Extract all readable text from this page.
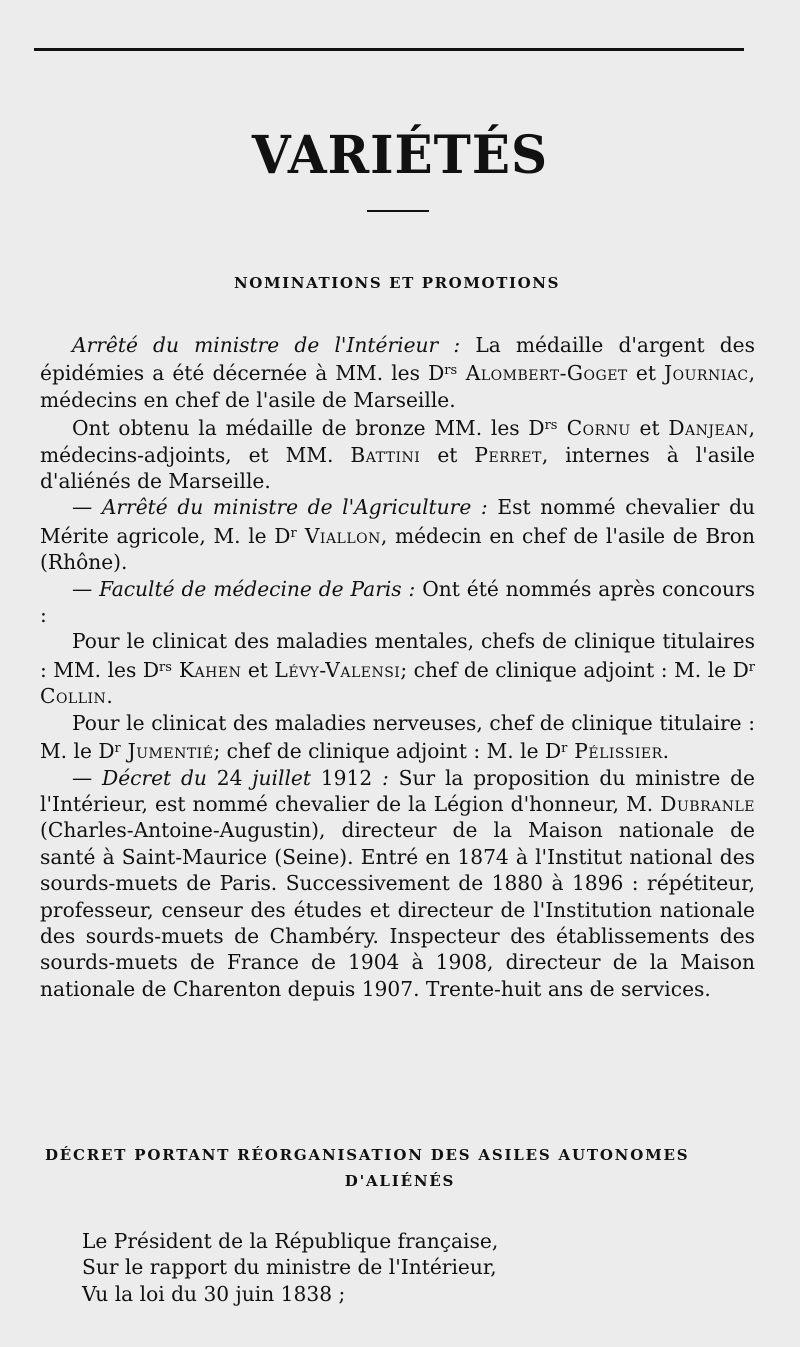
VARIÉTÉS
NOMINATIONS ET PROMOTIONS

Arrêté du ministre de l'Intérieur : La médaille d'argent des épidémies a été décernée à MM. les $D^{rs}$ Alombert-Goget et Journiac, médecins en chef de l'asile de Marseille.

Ont obtenu la médaille de bronze MM. les $D^{rs}$ Cornu et Danjean, médecins-adjoints, et MM. Battini et Perret, internes à l'asile d'aliénés de Marseille.

— Arrêté du ministre de l'Agriculture : Est nommé chevalier du Mérite agricole, M. le $D^r$ Viallon, médecin en chef de l'asile de Bron (Rhône).

— Faculté de médecine de Paris : Ont été nommés après concours :

Pour le clinicat des maladies mentales, chefs de clinique titulaires : MM. les $D^{rs}$ Kahen et Lévy-Valensi; chef de clinique adjoint : M. le $D^r$ Collin.

Pour le clinicat des maladies nerveuses, chef de clinique titulaire : M. le $D^r$ Jumentié; chef de clinique adjoint : M. le $D^r$ Pélissier.

— Décret du 24 juillet 1912 : Sur la proposition du ministre de l'Intérieur, est nommé chevalier de la Légion d'honneur, M. Dubranle (Charles-Antoine-Augustin), directeur de la Maison nationale de santé à Saint-Maurice (Seine). Entré en 1874 à l'Institut national des sourds-muets de Paris. Successivement de 1880 à 1896 : répétiteur, professeur, censeur des études et directeur de l'Institution nationale des sourds-muets de Chambéry. Inspecteur des établissements des sourds-muets de France de 1904 à 1908, directeur de la Maison nationale de Charenton depuis 1907. Trente-huit ans de services.

DÉCRET PORTANT RÉORGANISATION DES ASILES AUTONOMES
D'ALIÉNÉS

Le Président de la République française,

Sur le rapport du ministre de l'Intérieur,

Vu la loi du 30 juin 1838 ;
